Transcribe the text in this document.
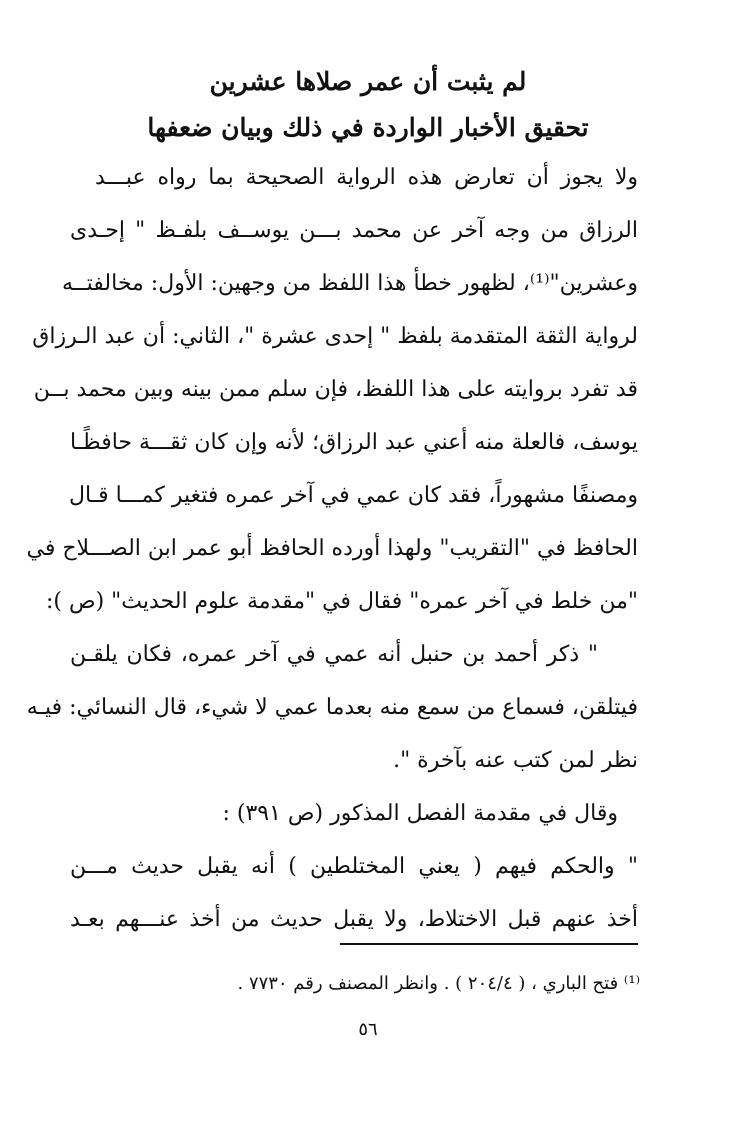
لم يثبت أن عمر صلاها عشرين
تحقيق الأخبار الواردة في ذلك وبيان ضعفها
ولا يجوز أن تعارض هذه الرواية الصحيحة بما رواه عبـــد
الرزاق من وجه آخر عن محمد بـــن يوســف بلفـظ " إحـدى
وعشرين"⁽¹⁾، لظهور خطأ هذا اللفظ من وجهين: الأول: مخالفتــه
لرواية الثقة المتقدمة بلفظ " إحدى عشرة "، الثاني: أن عبد الـرزاق
قد تفرد بروايته على هذا اللفظ، فإن سلم ممن بينه وبين محمد بــن
يوسف، فالعلة منه أعني عبد الرزاق؛ لأنه وإن كان ثقـــة حافظًـا
ومصنفًا مشهوراً، فقد كان عمي في آخر عمره فتغير كمـــا قـال
الحافظ في "التقريب" ولهذا أورده الحافظ أبو عمر ابن الصـــلاح في
"من خلط في آخر عمره" فقال في "مقدمة علوم الحديث" (ص ):
" ذكر أحمد بن حنبل أنه عمي في آخر عمره، فكان يلقـن
فيتلقن، فسماع من سمع منه بعدما عمي لا شيء، قال النسائي: فيـه
نظر لمن كتب عنه بآخرة ".
وقال في مقدمة الفصل المذكور (ص ٣٩١) :
" والحكم فيهم ( يعني المختلطين ) أنه يقبل حديث مـــن
أخذ عنهم قبل الاختلاط، ولا يقبل حديث من أخذ عنـــهم بعـد
⁽¹⁾ فتح الباري ، ( ٢٠٤/٤ ) . وانظر المصنف رقم ٧٧٣٠ .
٥٦
